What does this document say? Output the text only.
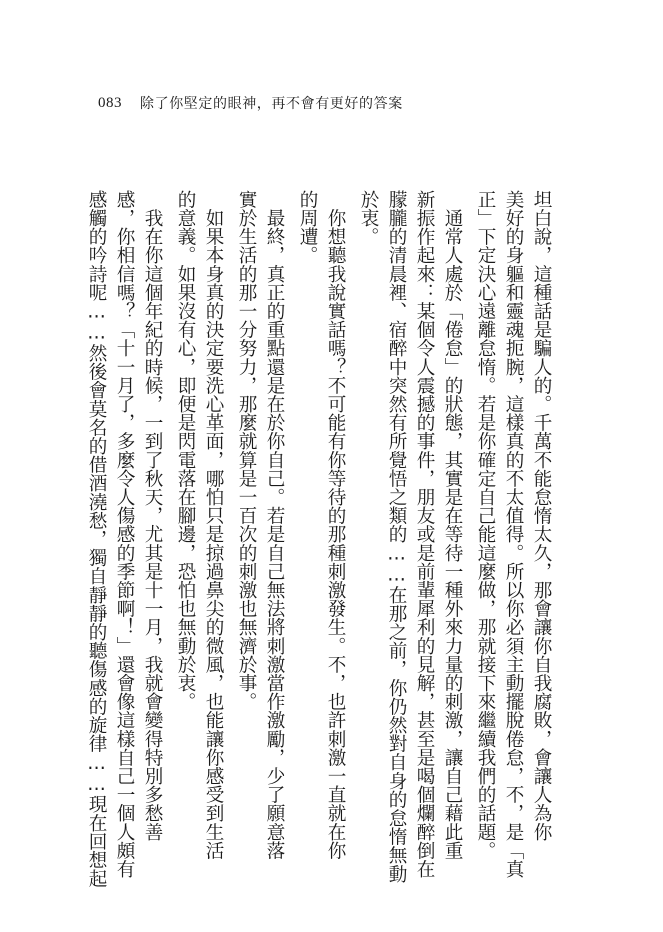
083 除了你堅定的眼神，再不會有更好的答案
坦白說，這種話是騙人的。千萬不能怠惰太久，那會讓你自我腐敗，會讓人為你
美好的身軀和靈魂扼腕，這樣真的不太值得。所以你必須主動擺脫倦怠，不，是「真
正」下定決心遠離怠惰。若是你確定自己能這麼做，那就接下來繼續我們的話題。
　通常人處於「倦怠」的狀態，其實是在等待一種外來力量的刺激，讓自己藉此重
新振作起來：某個令人震撼的事件，朋友或是前輩犀利的見解，甚至是喝個爛醉倒在
朦朧的清晨裡、宿醉中突然有所覺悟之類的……在那之前，你仍然對自身的怠惰無動
於衷。
　你想聽我說實話嗎？不可能有你等待的那種刺激發生。不，也許刺激一直就在你
的周遭。
　最終，真正的重點還是在於你自己。若是自己無法將刺激當作激勵，少了願意落
實於生活的那一分努力，那麼就算是一百次的刺激也無濟於事。
　如果本身真的決定要洗心革面，哪怕只是掠過鼻尖的微風，也能讓你感受到生活
的意義。如果沒有心，即便是閃電落在腳邊，恐怕也無動於衷。
　我在你這個年紀的時候，一到了秋天，尤其是十一月，我就會變得特別多愁善
感，你相信嗎？「十一月了，多麼令人傷感的季節啊！」還會像這樣自己一個人頗有
感觸的吟詩呢……然後會莫名的借酒澆愁，獨自靜靜的聽傷感的旋律……現在回想起
